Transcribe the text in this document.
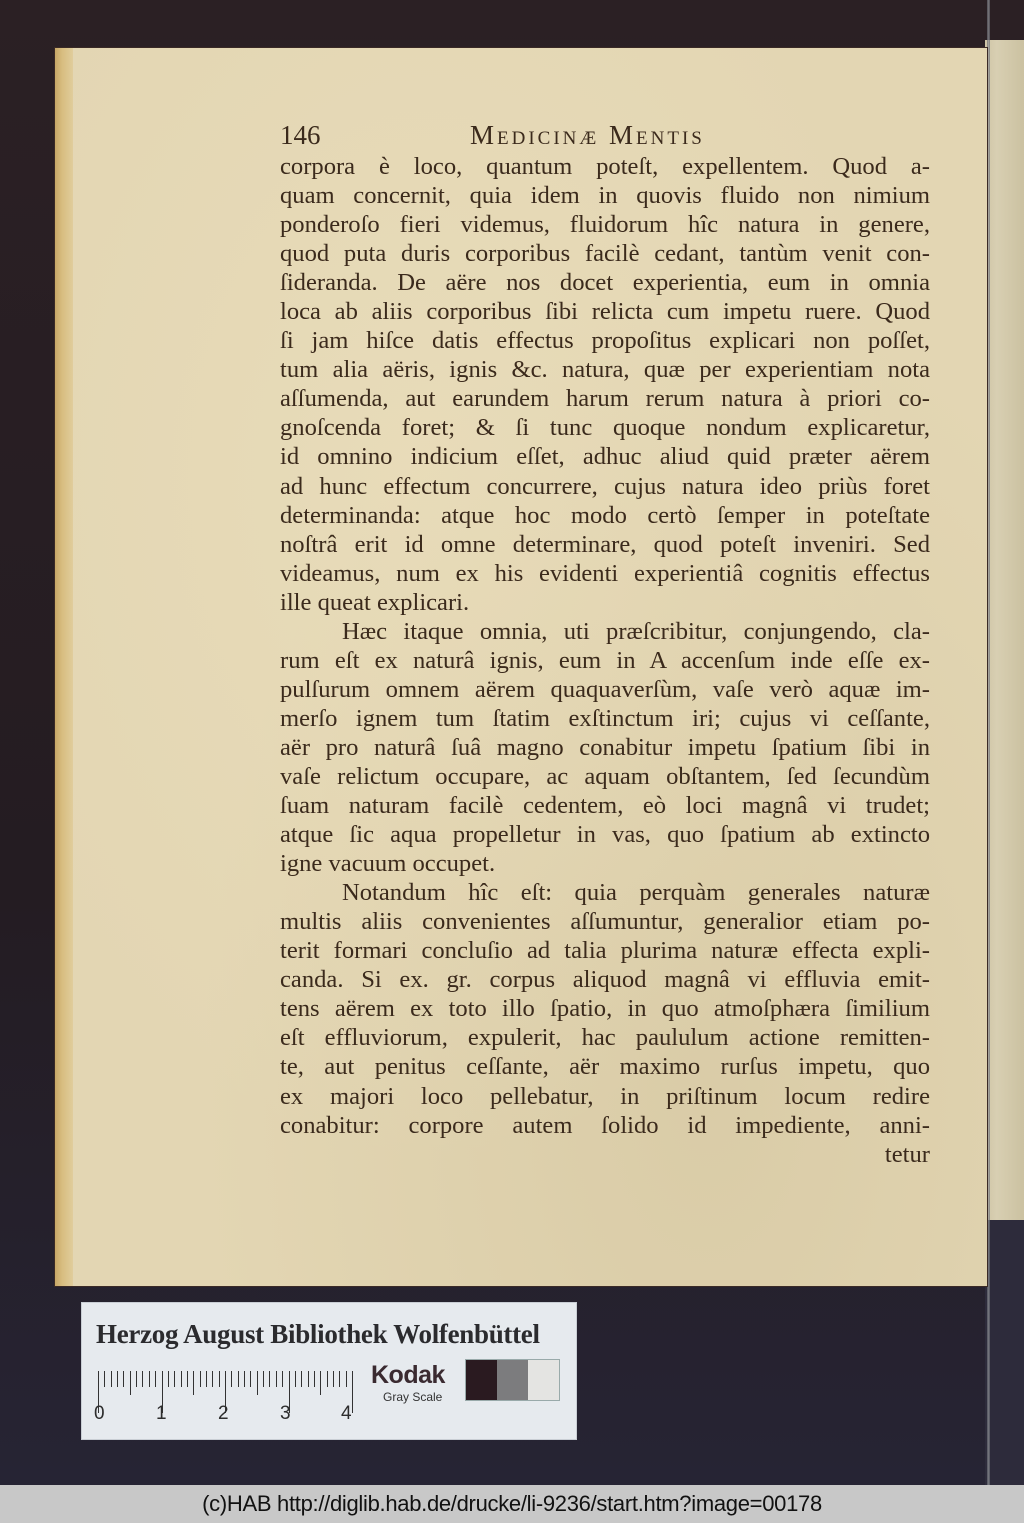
146	Medicinæ Mentis
corpora è loco, quantum poteſt, expellentem. Quod a-
quam concernit, quia idem in quovis fluido non nimium
ponderoſo fieri videmus, fluidorum hîc natura in genere,
quod puta duris corporibus facilè cedant, tantùm venit con-
ſideranda. De aëre nos docet experientia, eum in omnia
loca ab aliis corporibus ſibi relicta cum impetu ruere. Quod
ſi jam hiſce datis effectus propoſitus explicari non poſſet,
tum alia aëris, ignis &c. natura, quæ per experientiam nota
aſſumenda, aut earundem harum rerum natura à priori co-
gnoſcenda foret; & ſi tunc quoque nondum explicaretur,
id omnino indicium eſſet, adhuc aliud quid præter aërem
ad hunc effectum concurrere, cujus natura ideo priùs foret
determinanda: atque hoc modo certò ſemper in poteſtate
noſtrâ erit id omne determinare, quod poteſt inveniri. Sed
videamus, num ex his evidenti experientiâ cognitis effectus
ille queat explicari.
Hæc itaque omnia, uti præſcribitur, conjungendo, cla-
rum eſt ex naturâ ignis, eum in A accenſum inde eſſe ex-
pulſurum omnem aërem quaquaverſùm, vaſe verò aquæ im-
merſo ignem tum ſtatim exſtinctum iri; cujus vi ceſſante,
aër pro naturâ ſuâ magno conabitur impetu ſpatium ſibi in
vaſe relictum occupare, ac aquam obſtantem, ſed ſecundùm
ſuam naturam facilè cedentem, eò loci magnâ vi trudet;
atque ſic aqua propelletur in vas, quo ſpatium ab extincto
igne vacuum occupet.
Notandum hîc eſt: quia perquàm generales naturæ
multis aliis convenientes aſſumuntur, generalior etiam po-
terit formari concluſio ad talia plurima naturæ effecta expli-
canda. Si ex. gr. corpus aliquod magnâ vi effluvia emit-
tens aërem ex toto illo ſpatio, in quo atmoſphæra ſimilium
eſt effluviorum, expulerit, hac paululum actione remitten-
te, aut penitus ceſſante, aër maximo rurſus impetu, quo
ex majori loco pellebatur, in priſtinum locum redire
conabitur: corpore autem ſolido id impediente, anni-
tetur
Herzog August Bibliothek Wolfenbüttel
0	1	2	3	4
Kodak
Gray Scale
(c)HAB http://diglib.hab.de/drucke/li-9236/start.htm?image=00178
